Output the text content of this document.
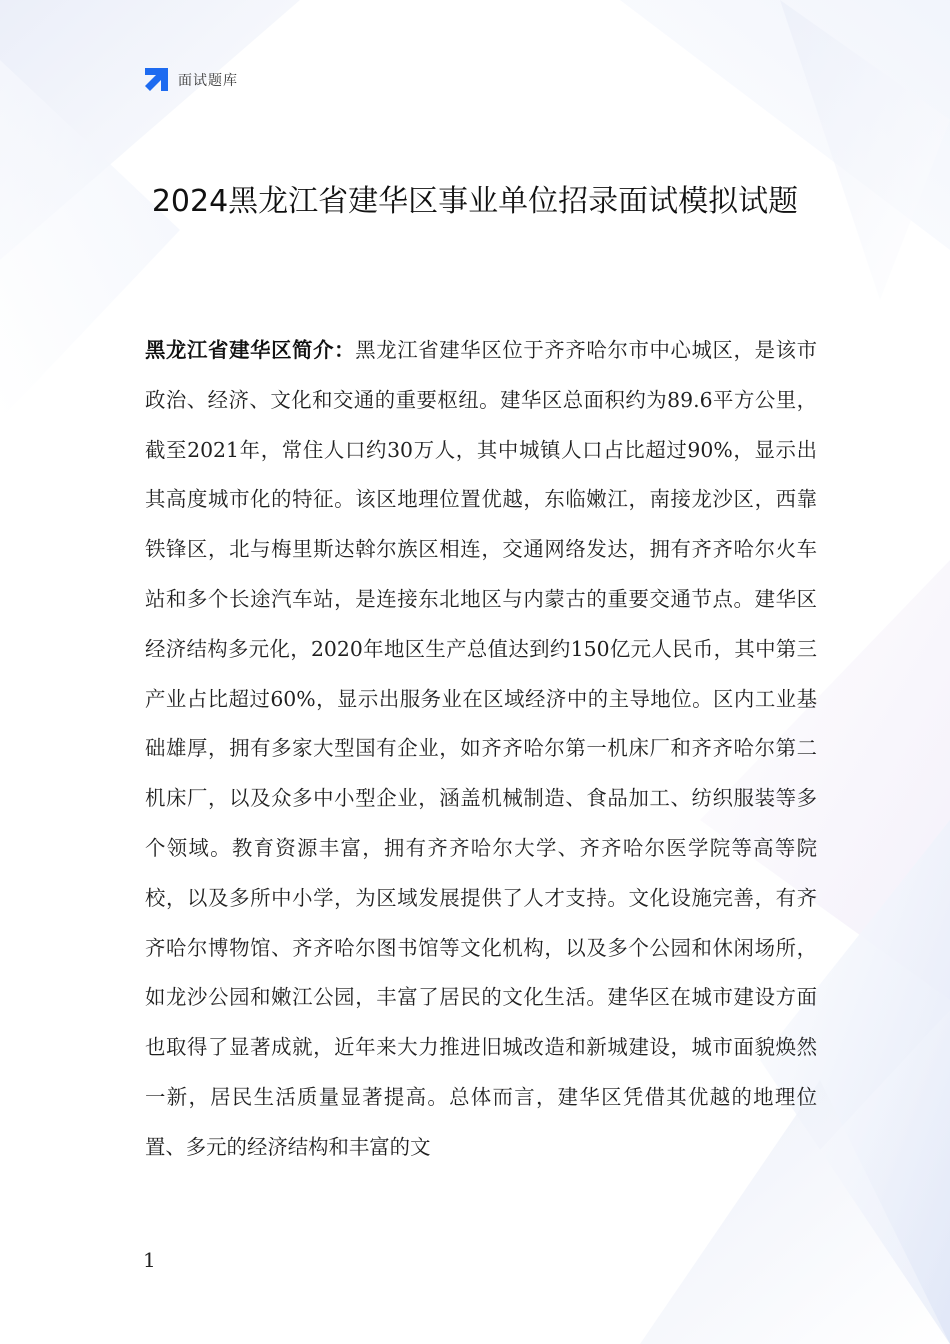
面试题库
2024黑龙江省建华区事业单位招录面试模拟试题
黑龙江省建华区简介：黑龙江省建华区位于齐齐哈尔市中心城区，是该市政治、经济、文化和交通的重要枢纽。建华区总面积约为89.6平方公里，截至2021年，常住人口约30万人，其中城镇人口占比超过90%，显示出其高度城市化的特征。该区地理位置优越，东临嫩江，南接龙沙区，西靠铁锋区，北与梅里斯达斡尔族区相连，交通网络发达，拥有齐齐哈尔火车站和多个长途汽车站，是连接东北地区与内蒙古的重要交通节点。建华区经济结构多元化，2020年地区生产总值达到约150亿元人民币，其中第三产业占比超过60%，显示出服务业在区域经济中的主导地位。区内工业基础雄厚，拥有多家大型国有企业，如齐齐哈尔第一机床厂和齐齐哈尔第二机床厂，以及众多中小型企业，涵盖机械制造、食品加工、纺织服装等多个领域。教育资源丰富，拥有齐齐哈尔大学、齐齐哈尔医学院等高等院校，以及多所中小学，为区域发展提供了人才支持。文化设施完善，有齐齐哈尔博物馆、齐齐哈尔图书馆等文化机构，以及多个公园和休闲场所，如龙沙公园和嫩江公园，丰富了居民的文化生活。建华区在城市建设方面也取得了显著成就，近年来大力推进旧城改造和新城建设，城市面貌焕然一新，居民生活质量显著提高。总体而言，建华区凭借其优越的地理位置、多元的经济结构和丰富的文
1
